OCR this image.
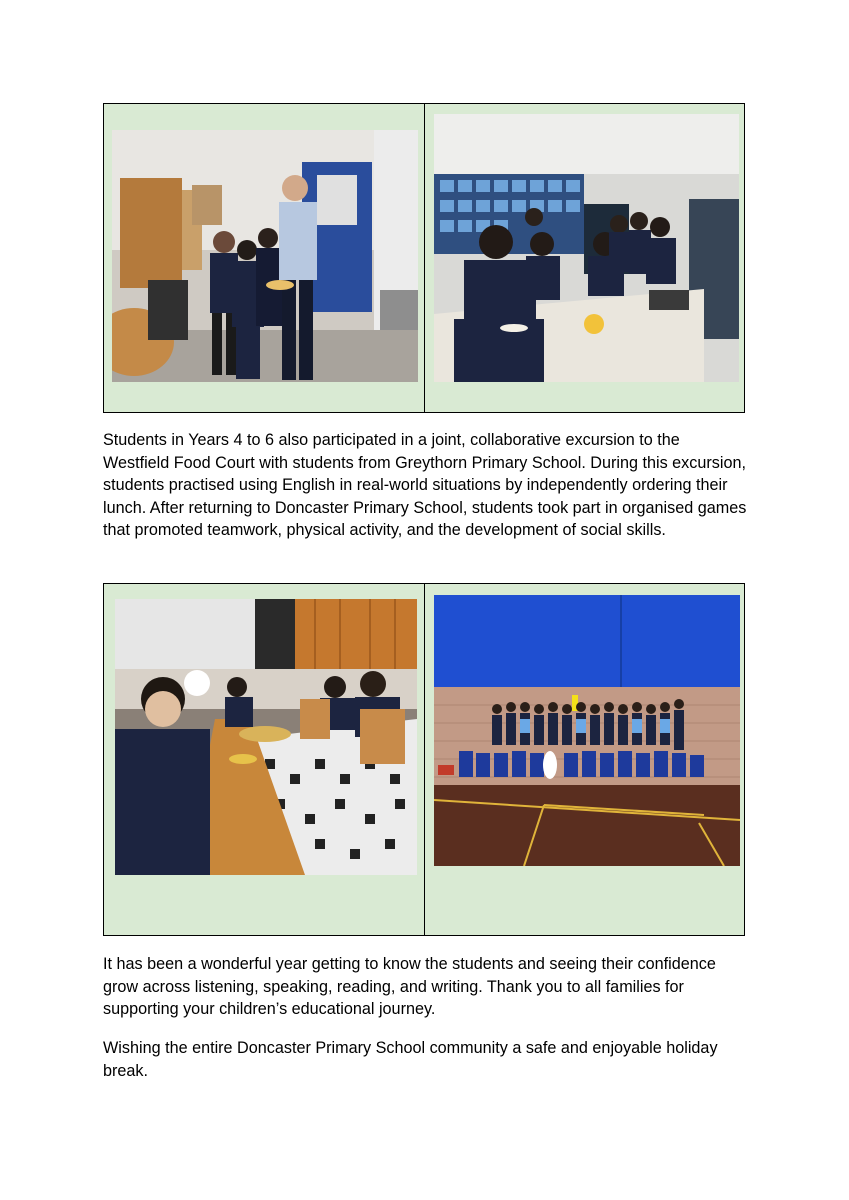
Students in Years 4 to 6 also participated in a joint, collaborative excursion to the Westfield Food Court with students from Greythorn Primary School. During this excursion, students practised using English in real-world situations by independently ordering their lunch. After returning to Doncaster Primary School, students took part in organised games that promoted teamwork, physical activity, and the development of social skills.

It has been a wonderful year getting to know the students and seeing their confidence grow across listening, speaking, reading, and writing. Thank you to all families for supporting your children’s educational journey.

Wishing the entire Doncaster Primary School community a safe and enjoyable holiday break.
